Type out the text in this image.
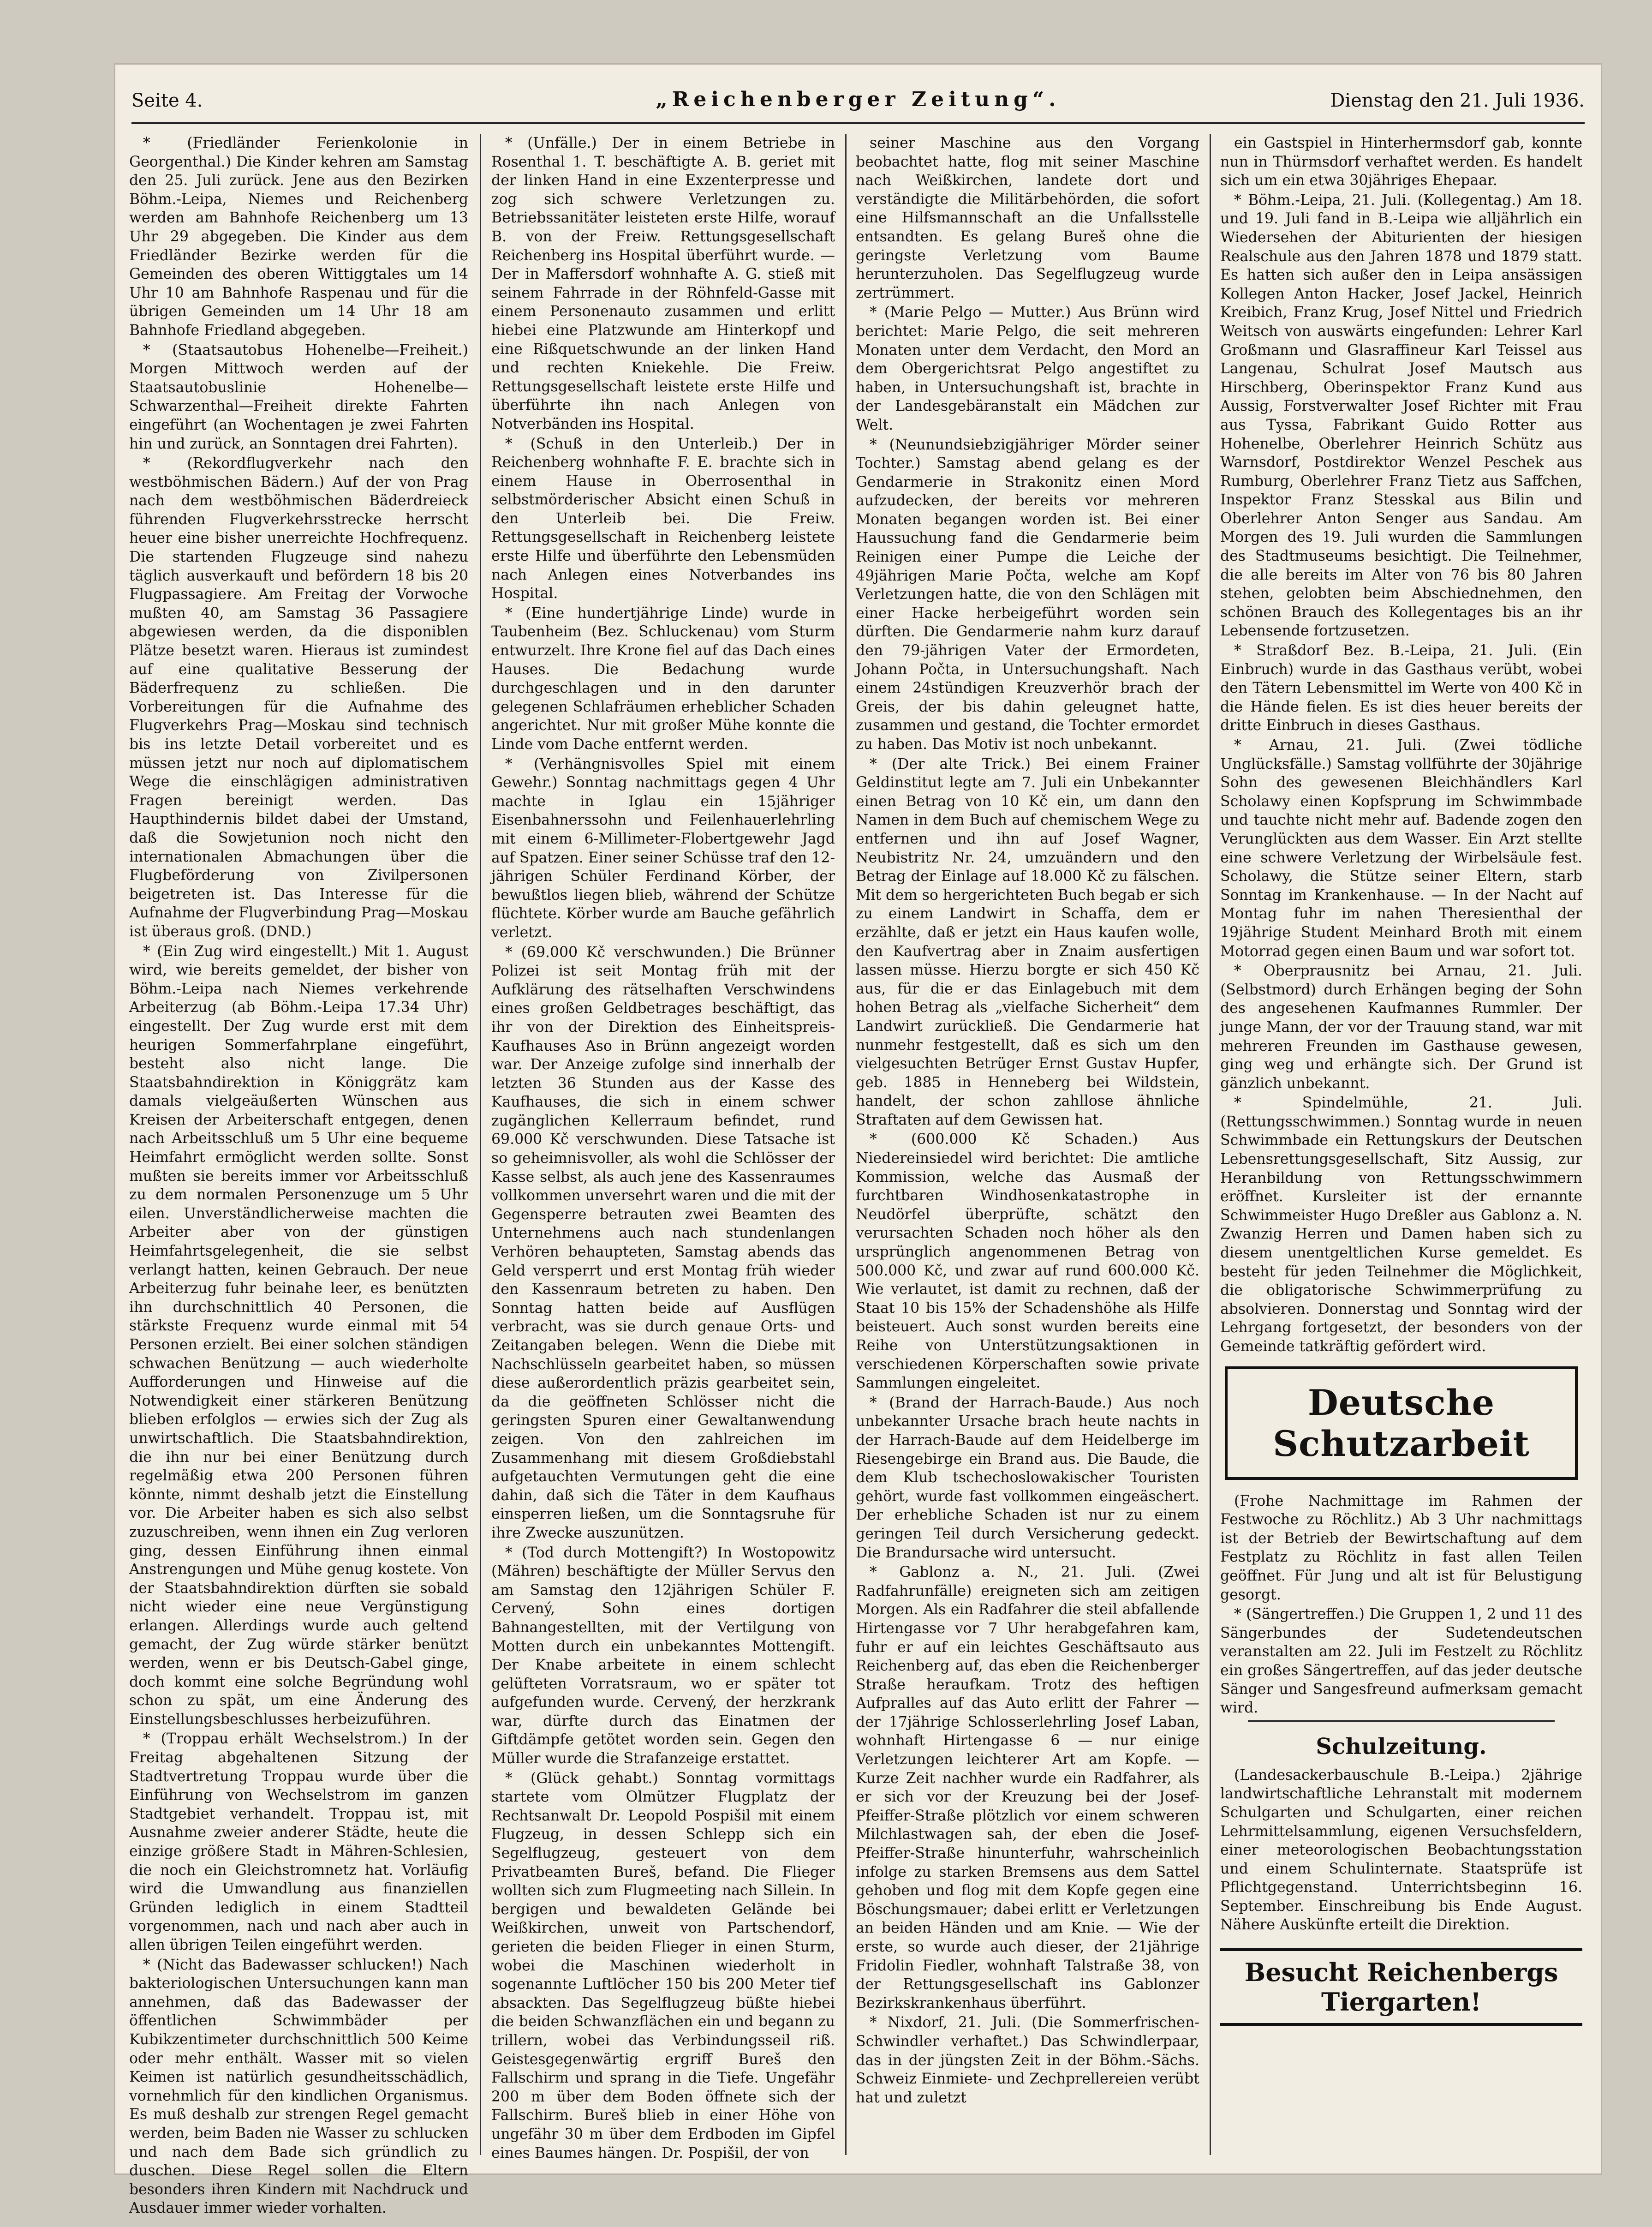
Seite 4.	„Reichenberger Zeitung“.	Dienstag den 21. Juli 1936.

* (Friedländer Ferienkolonie in Georgenthal.) Die Kinder kehren am Samstag den 25. Juli zurück. Jene aus den Bezirken Böhm.-Leipa, Niemes und Reichenberg werden am Bahnhofe Reichenberg um 13 Uhr 29 abgegeben. Die Kinder aus dem Friedländer Bezirke werden für die Gemeinden des oberen Wittiggtales um 14 Uhr 10 am Bahnhofe Raspenau und für die übrigen Gemeinden um 14 Uhr 18 am Bahnhofe Friedland abgegeben.

* (Staatsautobus Hohenelbe—Freiheit.) Morgen Mittwoch werden auf der Staatsautobuslinie Hohenelbe—Schwarzenthal—Freiheit direkte Fahrten eingeführt (an Wochentagen je zwei Fahrten hin und zurück, an Sonntagen drei Fahrten).

* (Rekordflugverkehr nach den westböhmischen Bädern.) Auf der von Prag nach dem westböhmischen Bäderdreieck führenden Flugverkehrsstrecke herrscht heuer eine bisher unerreichte Hochfrequenz. Die startenden Flugzeuge sind nahezu täglich ausverkauft und befördern 18 bis 20 Flugpassagiere. Am Freitag der Vorwoche mußten 40, am Samstag 36 Passagiere abgewiesen werden, da die disponiblen Plätze besetzt waren. Hieraus ist zumindest auf eine qualitative Besserung der Bäderfrequenz zu schließen. Die Vorbereitungen für die Aufnahme des Flugverkehrs Prag—Moskau sind technisch bis ins letzte Detail vorbereitet und es müssen jetzt nur noch auf diplomatischem Wege die einschlägigen administrativen Fragen bereinigt werden. Das Haupthindernis bildet dabei der Umstand, daß die Sowjetunion noch nicht den internationalen Abmachungen über die Flugbeförderung von Zivilpersonen beigetreten ist. Das Interesse für die Aufnahme der Flugverbindung Prag—Moskau ist überaus groß. (DND.)

* (Ein Zug wird eingestellt.) Mit 1. August wird, wie bereits gemeldet, der bisher von Böhm.-Leipa nach Niemes verkehrende Arbeiterzug (ab Böhm.-Leipa 17.34 Uhr) eingestellt. Der Zug wurde erst mit dem heurigen Sommerfahrplane eingeführt, besteht also nicht lange. Die Staatsbahndirektion in Königgrätz kam damals vielgeäußerten Wünschen aus Kreisen der Arbeiterschaft entgegen, denen nach Arbeitsschluß um 5 Uhr eine bequeme Heimfahrt ermöglicht werden sollte. Sonst mußten sie bereits immer vor Arbeitsschluß zu dem normalen Personenzuge um 5 Uhr eilen. Unverständlicherweise machten die Arbeiter aber von der günstigen Heimfahrtsgelegenheit, die sie selbst verlangt hatten, keinen Gebrauch. Der neue Arbeiterzug fuhr beinahe leer, es benützten ihn durchschnittlich 40 Personen, die stärkste Frequenz wurde einmal mit 54 Personen erzielt. Bei einer solchen ständigen schwachen Benützung — auch wiederholte Aufforderungen und Hinweise auf die Notwendigkeit einer stärkeren Benützung blieben erfolglos — erwies sich der Zug als unwirtschaftlich. Die Staatsbahndirektion, die ihn nur bei einer Benützung durch regelmäßig etwa 200 Personen führen könnte, nimmt deshalb jetzt die Einstellung vor. Die Arbeiter haben es sich also selbst zuzuschreiben, wenn ihnen ein Zug verloren ging, dessen Einführung ihnen einmal Anstrengungen und Mühe genug kostete. Von der Staatsbahndirektion dürften sie sobald nicht wieder eine neue Vergünstigung erlangen. Allerdings wurde auch geltend gemacht, der Zug würde stärker benützt werden, wenn er bis Deutsch-Gabel ginge, doch kommt eine solche Begründung wohl schon zu spät, um eine Änderung des Einstellungsbeschlusses herbeizuführen.

* (Troppau erhält Wechselstrom.) In der Freitag abgehaltenen Sitzung der Stadtvertretung Troppau wurde über die Einführung von Wechselstrom im ganzen Stadtgebiet verhandelt. Troppau ist, mit Ausnahme zweier anderer Städte, heute die einzige größere Stadt in Mähren-Schlesien, die noch ein Gleichstromnetz hat. Vorläufig wird die Umwandlung aus finanziellen Gründen lediglich in einem Stadtteil vorgenommen, nach und nach aber auch in allen übrigen Teilen eingeführt werden.

* (Nicht das Badewasser schlucken!) Nach bakteriologischen Untersuchungen kann man annehmen, daß das Badewasser der öffentlichen Schwimmbäder per Kubikzentimeter durchschnittlich 500 Keime oder mehr enthält. Wasser mit so vielen Keimen ist natürlich gesundheitsschädlich, vornehmlich für den kindlichen Organismus. Es muß deshalb zur strengen Regel gemacht werden, beim Baden nie Wasser zu schlucken und nach dem Bade sich gründlich zu duschen. Diese Regel sollen die Eltern besonders ihren Kindern mit Nachdruck und Ausdauer immer wieder vorhalten.

* (Unfälle.) Der in einem Betriebe in Rosenthal 1. T. beschäftigte A. B. geriet mit der linken Hand in eine Exzenterpresse und zog sich schwere Verletzungen zu. Betriebssanitäter leisteten erste Hilfe, worauf B. von der Freiw. Rettungsgesellschaft Reichenberg ins Hospital überführt wurde. — Der in Maffersdorf wohnhafte A. G. stieß mit seinem Fahrrade in der Röhnfeld-Gasse mit einem Personenauto zusammen und erlitt hiebei eine Platzwunde am Hinterkopf und eine Rißquetschwunde an der linken Hand und rechten Kniekehle. Die Freiw. Rettungsgesellschaft leistete erste Hilfe und überführte ihn nach Anlegen von Notverbänden ins Hospital.

* (Schuß in den Unterleib.) Der in Reichenberg wohnhafte F. E. brachte sich in einem Hause in Oberrosenthal in selbstmörderischer Absicht einen Schuß in den Unterleib bei. Die Freiw. Rettungsgesellschaft in Reichenberg leistete erste Hilfe und überführte den Lebensmüden nach Anlegen eines Notverbandes ins Hospital.

* (Eine hundertjährige Linde) wurde in Taubenheim (Bez. Schluckenau) vom Sturm entwurzelt. Ihre Krone fiel auf das Dach eines Hauses. Die Bedachung wurde durchgeschlagen und in den darunter gelegenen Schlafräumen erheblicher Schaden angerichtet. Nur mit großer Mühe konnte die Linde vom Dache entfernt werden.

* (Verhängnisvolles Spiel mit einem Gewehr.) Sonntag nachmittags gegen 4 Uhr machte in Iglau ein 15jähriger Eisenbahnerssohn und Feilenhauerlehrling mit einem 6-Millimeter-Flobertgewehr Jagd auf Spatzen. Einer seiner Schüsse traf den 12-jährigen Schüler Ferdinand Körber, der bewußtlos liegen blieb, während der Schütze flüchtete. Körber wurde am Bauche gefährlich verletzt.

* (69.000 Kč verschwunden.) Die Brünner Polizei ist seit Montag früh mit der Aufklärung des rätselhaften Verschwindens eines großen Geldbetrages beschäftigt, das ihr von der Direktion des Einheitspreis-Kaufhauses Aso in Brünn angezeigt worden war. Der Anzeige zufolge sind innerhalb der letzten 36 Stunden aus der Kasse des Kaufhauses, die sich in einem schwer zugänglichen Kellerraum befindet, rund 69.000 Kč verschwunden. Diese Tatsache ist so geheimnisvoller, als wohl die Schlösser der Kasse selbst, als auch jene des Kassenraumes vollkommen unversehrt waren und die mit der Gegensperre betrauten zwei Beamten des Unternehmens auch nach stundenlangen Verhören behaupteten, Samstag abends das Geld versperrt und erst Montag früh wieder den Kassenraum betreten zu haben. Den Sonntag hatten beide auf Ausflügen verbracht, was sie durch genaue Orts- und Zeitangaben belegen. Wenn die Diebe mit Nachschlüsseln gearbeitet haben, so müssen diese außerordentlich präzis gearbeitet sein, da die geöffneten Schlösser nicht die geringsten Spuren einer Gewaltanwendung zeigen. Von den zahlreichen im Zusammenhang mit diesem Großdiebstahl aufgetauchten Vermutungen geht die eine dahin, daß sich die Täter in dem Kaufhaus einsperren ließen, um die Sonntagsruhe für ihre Zwecke auszunützen.

* (Tod durch Mottengift?) In Wostopowitz (Mähren) beschäftigte der Müller Servus den am Samstag den 12jährigen Schüler F. Cervený, Sohn eines dortigen Bahnangestellten, mit der Vertilgung von Motten durch ein unbekanntes Mottengift. Der Knabe arbeitete in einem schlecht gelüfteten Vorratsraum, wo er später tot aufgefunden wurde. Cervený, der herzkrank war, dürfte durch das Einatmen der Giftdämpfe getötet worden sein. Gegen den Müller wurde die Strafanzeige erstattet.

* (Glück gehabt.) Sonntag vormittags startete vom Olmützer Flugplatz der Rechtsanwalt Dr. Leopold Pospišil mit einem Flugzeug, in dessen Schlepp sich ein Segelflugzeug, gesteuert von dem Privatbeamten Bureš, befand. Die Flieger wollten sich zum Flugmeeting nach Sillein. In bergigen und bewaldeten Gelände bei Weißkirchen, unweit von Partschendorf, gerieten die beiden Flieger in einen Sturm, wobei die Maschinen wiederholt in sogenannte Luftlöcher 150 bis 200 Meter tief absackten. Das Segelflugzeug büßte hiebei die beiden Schwanzflächen ein und begann zu trillern, wobei das Verbindungsseil riß. Geistesgegenwärtig ergriff Bureš den Fallschirm und sprang in die Tiefe. Ungefähr 200 m über dem Boden öffnete sich der Fallschirm. Bureš blieb in einer Höhe von ungefähr 30 m über dem Erdboden im Gipfel eines Baumes hängen. Dr. Pospišil, der von

seiner Maschine aus den Vorgang beobachtet hatte, flog mit seiner Maschine nach Weißkirchen, landete dort und verständigte die Militärbehörden, die sofort eine Hilfsmannschaft an die Unfallsstelle entsandten. Es gelang Bureš ohne die geringste Verletzung vom Baume herunterzuholen. Das Segelflugzeug wurde zertrümmert.

* (Marie Pelgo — Mutter.) Aus Brünn wird berichtet: Marie Pelgo, die seit mehreren Monaten unter dem Verdacht, den Mord an dem Obergerichtsrat Pelgo angestiftet zu haben, in Untersuchungshaft ist, brachte in der Landesgebäranstalt ein Mädchen zur Welt.

* (Neunundsiebzigjähriger Mörder seiner Tochter.) Samstag abend gelang es der Gendarmerie in Strakonitz einen Mord aufzudecken, der bereits vor mehreren Monaten begangen worden ist. Bei einer Haussuchung fand die Gendarmerie beim Reinigen einer Pumpe die Leiche der 49jährigen Marie Počta, welche am Kopf Verletzungen hatte, die von den Schlägen mit einer Hacke herbeigeführt worden sein dürften. Die Gendarmerie nahm kurz darauf den 79-jährigen Vater der Ermordeten, Johann Počta, in Untersuchungshaft. Nach einem 24stündigen Kreuzverhör brach der Greis, der bis dahin geleugnet hatte, zusammen und gestand, die Tochter ermordet zu haben. Das Motiv ist noch unbekannt.

* (Der alte Trick.) Bei einem Frainer Geldinstitut legte am 7. Juli ein Unbekannter einen Betrag von 10 Kč ein, um dann den Namen in dem Buch auf chemischem Wege zu entfernen und ihn auf Josef Wagner, Neubistritz Nr. 24, umzuändern und den Betrag der Einlage auf 18.000 Kč zu fälschen. Mit dem so hergerichteten Buch begab er sich zu einem Landwirt in Schaffa, dem er erzählte, daß er jetzt ein Haus kaufen wolle, den Kaufvertrag aber in Znaim ausfertigen lassen müsse. Hierzu borgte er sich 450 Kč aus, für die er das Einlagebuch mit dem hohen Betrag als „vielfache Sicherheit“ dem Landwirt zurückließ. Die Gendarmerie hat nunmehr festgestellt, daß es sich um den vielgesuchten Betrüger Ernst Gustav Hupfer, geb. 1885 in Henneberg bei Wildstein, handelt, der schon zahllose ähnliche Straftaten auf dem Gewissen hat.

* (600.000 Kč Schaden.) Aus Niedereinsiedel wird berichtet: Die amtliche Kommission, welche das Ausmaß der furchtbaren Windhosenkatastrophe in Neudörfel überprüfte, schätzt den verursachten Schaden noch höher als den ursprünglich angenommenen Betrag von 500.000 Kč, und zwar auf rund 600.000 Kč. Wie verlautet, ist damit zu rechnen, daß der Staat 10 bis 15% der Schadenshöhe als Hilfe beisteuert. Auch sonst wurden bereits eine Reihe von Unterstützungsaktionen in verschiedenen Körperschaften sowie private Sammlungen eingeleitet.

* (Brand der Harrach-Baude.) Aus noch unbekannter Ursache brach heute nachts in der Harrach-Baude auf dem Heidelberge im Riesengebirge ein Brand aus. Die Baude, die dem Klub tschechoslowakischer Touristen gehört, wurde fast vollkommen eingeäschert. Der erhebliche Schaden ist nur zu einem geringen Teil durch Versicherung gedeckt. Die Brandursache wird untersucht.

* Gablonz a. N., 21. Juli. (Zwei Radfahrunfälle) ereigneten sich am zeitigen Morgen. Als ein Radfahrer die steil abfallende Hirtengasse vor 7 Uhr herabgefahren kam, fuhr er auf ein leichtes Geschäftsauto aus Reichenberg auf, das eben die Reichenberger Straße heraufkam. Trotz des heftigen Aufpralles auf das Auto erlitt der Fahrer — der 17jährige Schlosserlehrling Josef Laban, wohnhaft Hirtengasse 6 — nur einige Verletzungen leichterer Art am Kopfe. — Kurze Zeit nachher wurde ein Radfahrer, als er sich vor der Kreuzung bei der Josef-Pfeiffer-Straße plötzlich vor einem schweren Milchlastwagen sah, der eben die Josef-Pfeiffer-Straße hinunterfuhr, wahrscheinlich infolge zu starken Bremsens aus dem Sattel gehoben und flog mit dem Kopfe gegen eine Böschungsmauer; dabei erlitt er Verletzungen an beiden Händen und am Knie. — Wie der erste, so wurde auch dieser, der 21jährige Fridolin Fiedler, wohnhaft Talstraße 38, von der Rettungsgesellschaft ins Gablonzer Bezirkskrankenhaus überführt.

* Nixdorf, 21. Juli. (Die Sommerfrischen-Schwindler verhaftet.) Das Schwindlerpaar, das in der jüngsten Zeit in der Böhm.-Sächs. Schweiz Einmiete- und Zechprellereien verübt hat und zuletzt

ein Gastspiel in Hinterhermsdorf gab, konnte nun in Thürmsdorf verhaftet werden. Es handelt sich um ein etwa 30jähriges Ehepaar.

* Böhm.-Leipa, 21. Juli. (Kollegentag.) Am 18. und 19. Juli fand in B.-Leipa wie alljährlich ein Wiedersehen der Abiturienten der hiesigen Realschule aus den Jahren 1878 und 1879 statt. Es hatten sich außer den in Leipa ansässigen Kollegen Anton Hacker, Josef Jackel, Heinrich Kreibich, Franz Krug, Josef Nittel und Friedrich Weitsch von auswärts eingefunden: Lehrer Karl Großmann und Glasraffineur Karl Teissel aus Langenau, Schulrat Josef Mautsch aus Hirschberg, Oberinspektor Franz Kund aus Aussig, Forstverwalter Josef Richter mit Frau aus Tyssa, Fabrikant Guido Rotter aus Hohenelbe, Oberlehrer Heinrich Schütz aus Warnsdorf, Postdirektor Wenzel Peschek aus Rumburg, Oberlehrer Franz Tietz aus Saffchen, Inspektor Franz Stesskal aus Bilin und Oberlehrer Anton Senger aus Sandau. Am Morgen des 19. Juli wurden die Sammlungen des Stadtmuseums besichtigt. Die Teilnehmer, die alle bereits im Alter von 76 bis 80 Jahren stehen, gelobten beim Abschiednehmen, den schönen Brauch des Kollegentages bis an ihr Lebensende fortzusetzen.

* Straßdorf Bez. B.-Leipa, 21. Juli. (Ein Einbruch) wurde in das Gasthaus verübt, wobei den Tätern Lebensmittel im Werte von 400 Kč in die Hände fielen. Es ist dies heuer bereits der dritte Einbruch in dieses Gasthaus.

* Arnau, 21. Juli. (Zwei tödliche Unglücksfälle.) Samstag vollführte der 30jährige Sohn des gewesenen Bleichhändlers Karl Scholawy einen Kopfsprung im Schwimmbade und tauchte nicht mehr auf. Badende zogen den Verunglückten aus dem Wasser. Ein Arzt stellte eine schwere Verletzung der Wirbelsäule fest. Scholawy, die Stütze seiner Eltern, starb Sonntag im Krankenhause. — In der Nacht auf Montag fuhr im nahen Theresienthal der 19jährige Student Meinhard Broth mit einem Motorrad gegen einen Baum und war sofort tot.

* Oberprausnitz bei Arnau, 21. Juli. (Selbstmord) durch Erhängen beging der Sohn des angesehenen Kaufmannes Rummler. Der junge Mann, der vor der Trauung stand, war mit mehreren Freunden im Gasthause gewesen, ging weg und erhängte sich. Der Grund ist gänzlich unbekannt.

* Spindelmühle, 21. Juli. (Rettungsschwimmen.) Sonntag wurde in neuen Schwimmbade ein Rettungskurs der Deutschen Lebensrettungsgesellschaft, Sitz Aussig, zur Heranbildung von Rettungsschwimmern eröffnet. Kursleiter ist der ernannte Schwimmeister Hugo Dreßler aus Gablonz a. N. Zwanzig Herren und Damen haben sich zu diesem unentgeltlichen Kurse gemeldet. Es besteht für jeden Teilnehmer die Möglichkeit, die obligatorische Schwimmerprüfung zu absolvieren. Donnerstag und Sonntag wird der Lehrgang fortgesetzt, der besonders von der Gemeinde tatkräftig gefördert wird.

Deutsche Schutzarbeit

(Frohe Nachmittage im Rahmen der Festwoche zu Röchlitz.) Ab 3 Uhr nachmittags ist der Betrieb der Bewirtschaftung auf dem Festplatz zu Röchlitz in fast allen Teilen geöffnet. Für Jung und alt ist für Belustigung gesorgt.

* (Sängertreffen.) Die Gruppen 1, 2 und 11 des Sängerbundes der Sudetendeutschen veranstalten am 22. Juli im Festzelt zu Röchlitz ein großes Sängertreffen, auf das jeder deutsche Sänger und Sangesfreund aufmerksam gemacht wird.

Schulzeitung.

(Landesackerbauschule B.-Leipa.) 2jährige landwirtschaftliche Lehranstalt mit modernem Schulgarten und Schulgarten, einer reichen Lehrmittelsammlung, eigenen Versuchsfeldern, einer meteorologischen Beobachtungsstation und einem Schulinternate. Staatsprüfe ist Pflichtgegenstand. Unterrichtsbeginn 16. September. Einschreibung bis Ende August. Nähere Auskünfte erteilt die Direktion.

Besucht Reichenbergs Tiergarten!
